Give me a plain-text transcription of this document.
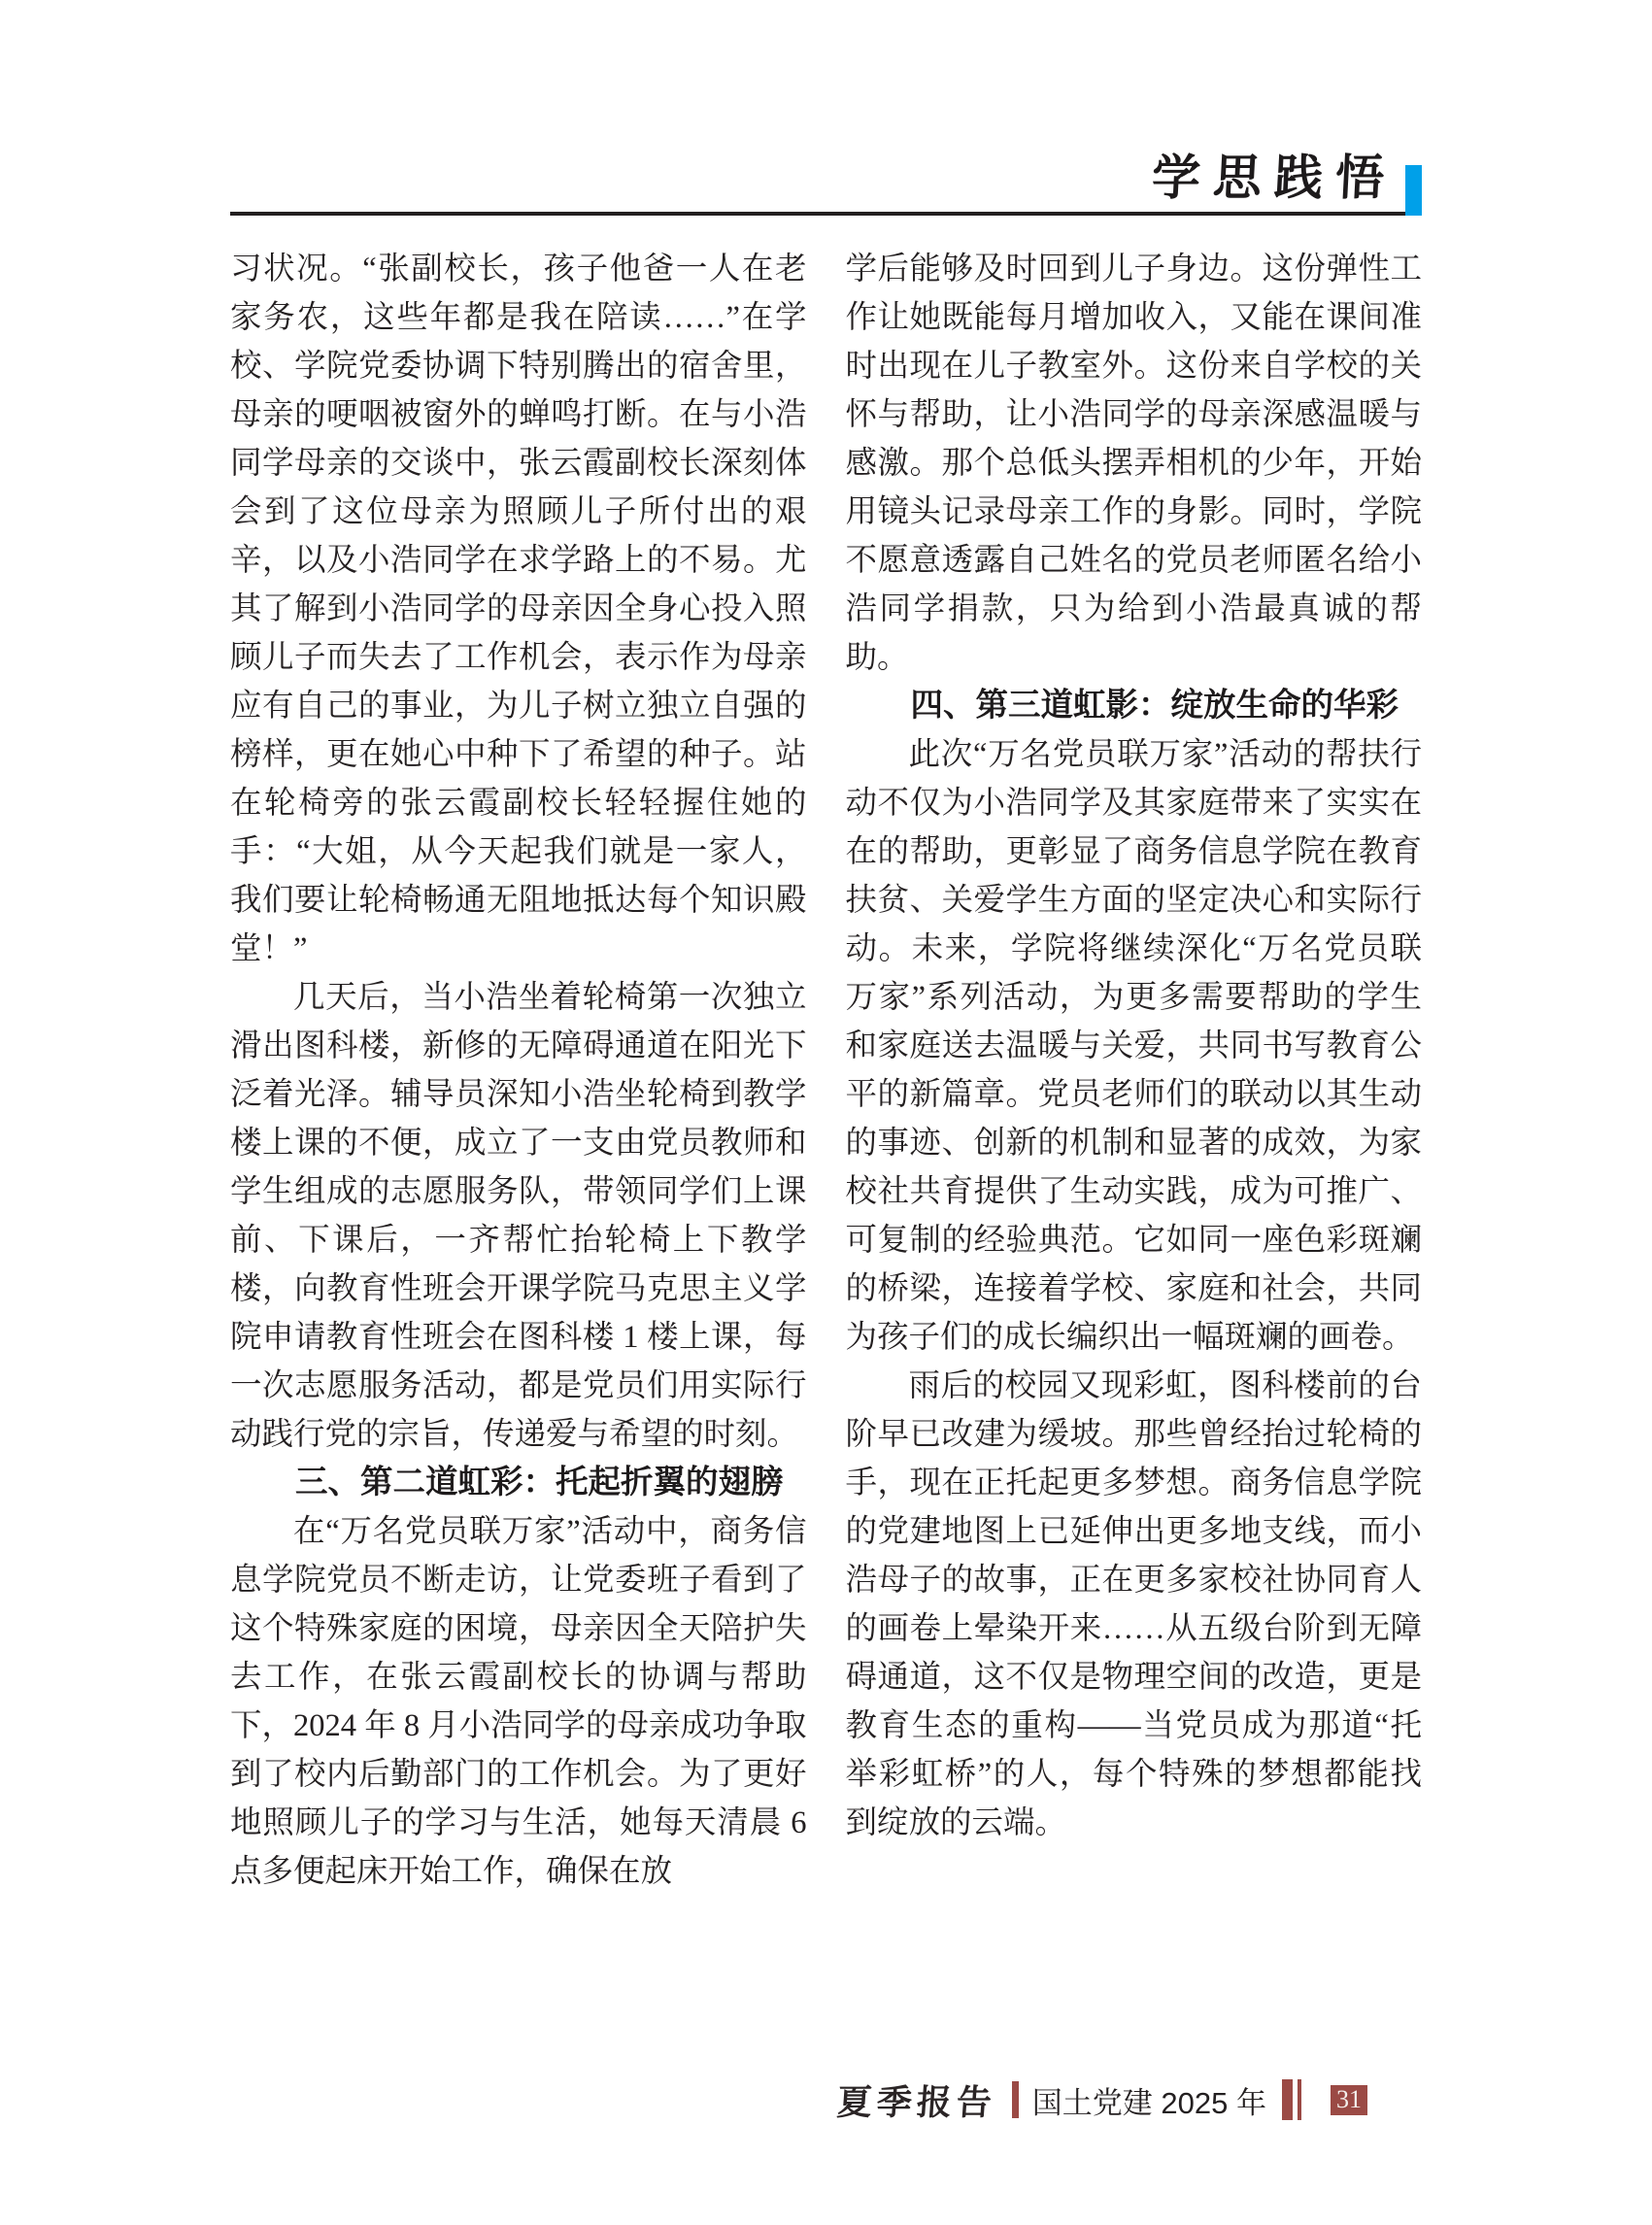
学思践悟

习状况。“张副校长，孩子他爸一人在老家务农，这些年都是我在陪读……”在学校、学院党委协调下特别腾出的宿舍里，母亲的哽咽被窗外的蝉鸣打断。在与小浩同学母亲的交谈中，张云霞副校长深刻体会到了这位母亲为照顾儿子所付出的艰辛，以及小浩同学在求学路上的不易。尤其了解到小浩同学的母亲因全身心投入照顾儿子而失去了工作机会，表示作为母亲应有自己的事业，为儿子树立独立自强的榜样，更在她心中种下了希望的种子。站在轮椅旁的张云霞副校长轻轻握住她的手：“大姐，从今天起我们就是一家人，我们要让轮椅畅通无阻地抵达每个知识殿堂！”

几天后，当小浩坐着轮椅第一次独立滑出图科楼，新修的无障碍通道在阳光下泛着光泽。辅导员深知小浩坐轮椅到教学楼上课的不便，成立了一支由党员教师和学生组成的志愿服务队，带领同学们上课前、下课后，一齐帮忙抬轮椅上下教学楼，向教育性班会开课学院马克思主义学院申请教育性班会在图科楼 1 楼上课，每一次志愿服务活动，都是党员们用实际行动践行党的宗旨，传递爱与希望的时刻。

三、第二道虹彩：托起折翼的翅膀

在“万名党员联万家”活动中，商务信息学院党员不断走访，让党委班子看到了这个特殊家庭的困境，母亲因全天陪护失去工作，在张云霞副校长的协调与帮助下，2024 年 8 月小浩同学的母亲成功争取到了校内后勤部门的工作机会。为了更好地照顾儿子的学习与生活，她每天清晨 6 点多便起床开始工作，确保在放

学后能够及时回到儿子身边。这份弹性工作让她既能每月增加收入，又能在课间准时出现在儿子教室外。这份来自学校的关怀与帮助，让小浩同学的母亲深感温暖与感激。那个总低头摆弄相机的少年，开始用镜头记录母亲工作的身影。同时，学院不愿意透露自己姓名的党员老师匿名给小浩同学捐款，只为给到小浩最真诚的帮助。

四、第三道虹影：绽放生命的华彩

此次“万名党员联万家”活动的帮扶行动不仅为小浩同学及其家庭带来了实实在在的帮助，更彰显了商务信息学院在教育扶贫、关爱学生方面的坚定决心和实际行动。未来，学院将继续深化“万名党员联万家”系列活动，为更多需要帮助的学生和家庭送去温暖与关爱，共同书写教育公平的新篇章。党员老师们的联动以其生动的事迹、创新的机制和显著的成效，为家校社共育提供了生动实践，成为可推广、可复制的经验典范。它如同一座色彩斑斓的桥梁，连接着学校、家庭和社会，共同为孩子们的成长编织出一幅斑斓的画卷。

雨后的校园又现彩虹，图科楼前的台阶早已改建为缓坡。那些曾经抬过轮椅的手，现在正托起更多梦想。商务信息学院的党建地图上已延伸出更多地支线，而小浩母子的故事，正在更多家校社协同育人的画卷上晕染开来……从五级台阶到无障碍通道，这不仅是物理空间的改造，更是教育生态的重构——当党员成为那道“托举彩虹桥”的人，每个特殊的梦想都能找到绽放的云端。

夏季报告 国土党建 2025 年	31
